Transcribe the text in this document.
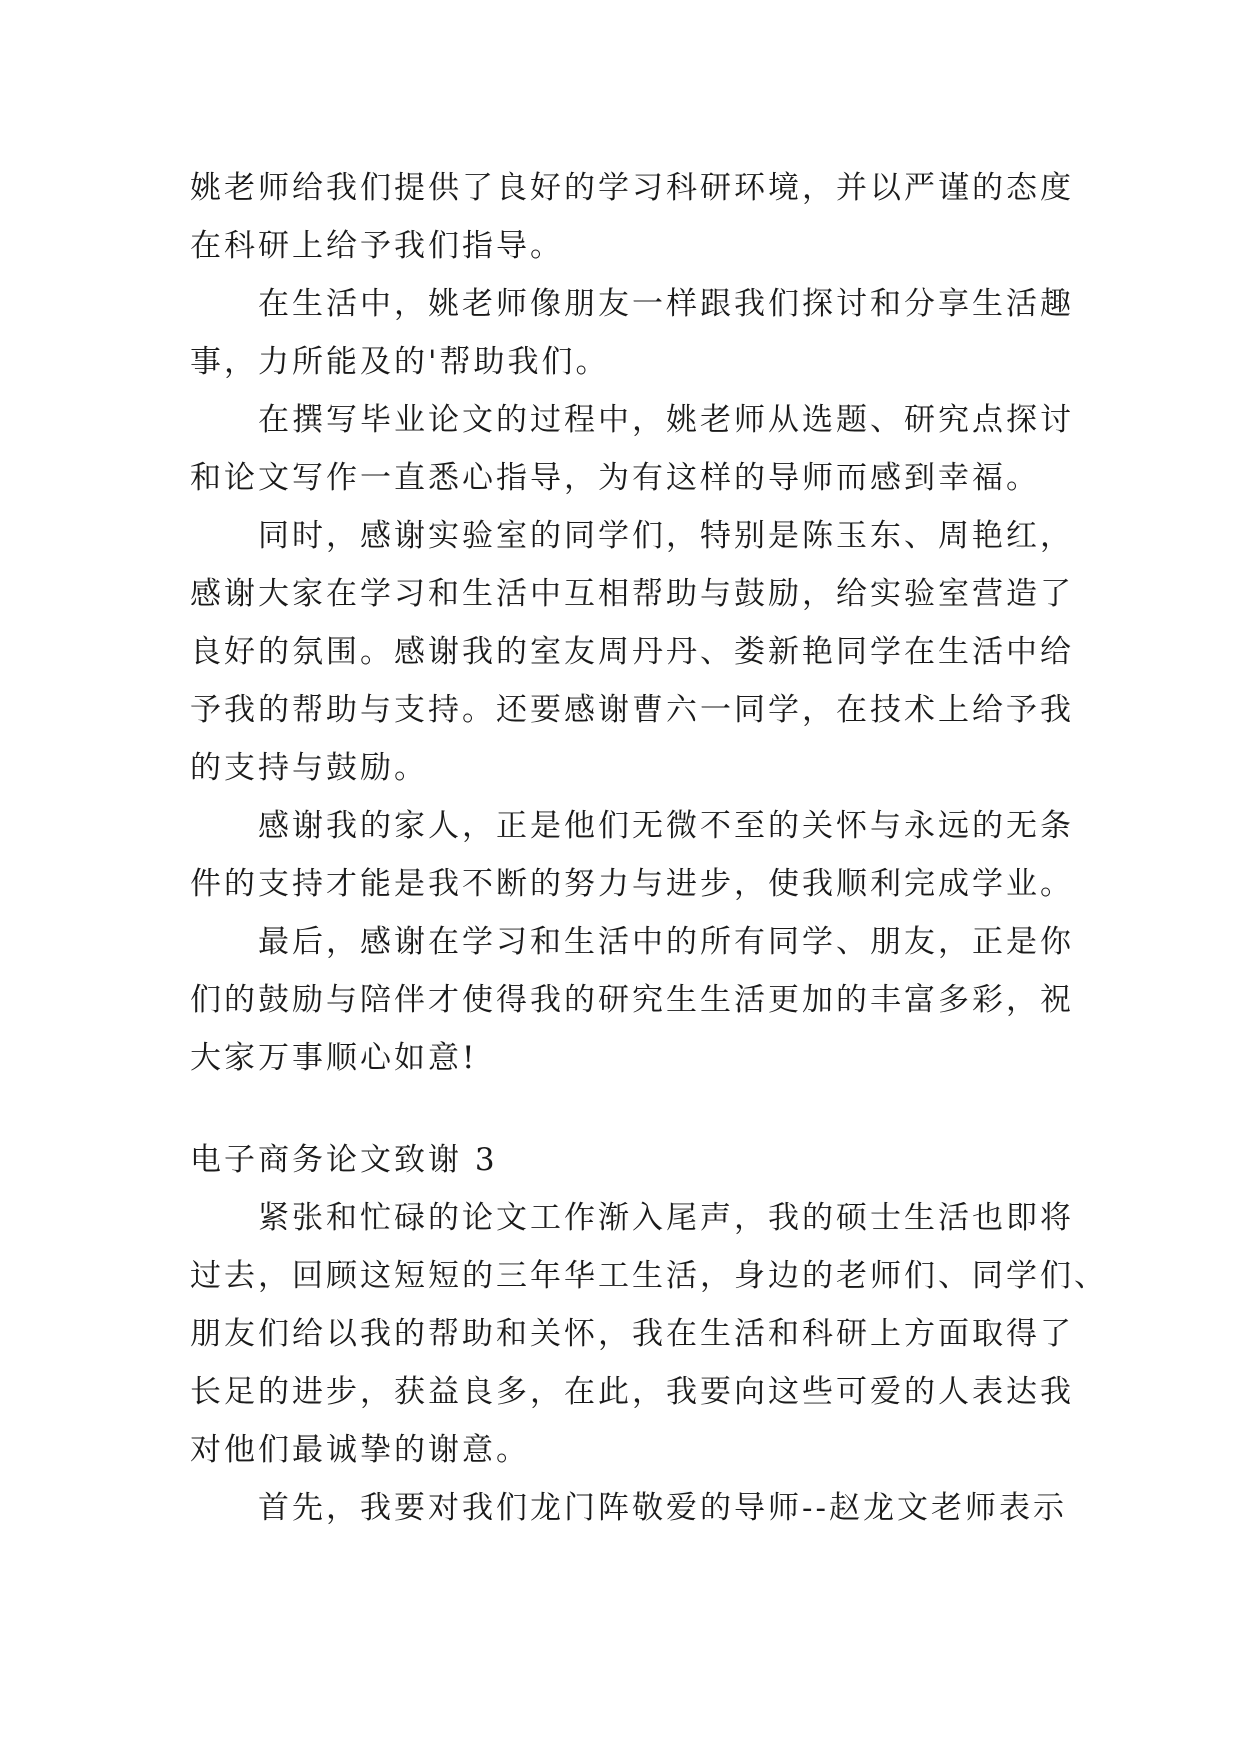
姚老师给我们提供了良好的学习科研环境，并以严谨的态度
在科研上给予我们指导。
在生活中，姚老师像朋友一样跟我们探讨和分享生活趣
事，力所能及的'帮助我们。
在撰写毕业论文的过程中，姚老师从选题、研究点探讨
和论文写作一直悉心指导，为有这样的导师而感到幸福。
同时，感谢实验室的同学们，特别是陈玉东、周艳红，
感谢大家在学习和生活中互相帮助与鼓励，给实验室营造了
良好的氛围。感谢我的室友周丹丹、娄新艳同学在生活中给
予我的帮助与支持。还要感谢曹六一同学，在技术上给予我
的支持与鼓励。
感谢我的家人，正是他们无微不至的关怀与永远的无条
件的支持才能是我不断的努力与进步，使我顺利完成学业。
最后，感谢在学习和生活中的所有同学、朋友，正是你
们的鼓励与陪伴才使得我的研究生生活更加的丰富多彩，祝
大家万事顺心如意!
电子商务论文致谢 3
紧张和忙碌的论文工作渐入尾声，我的硕士生活也即将
过去，回顾这短短的三年华工生活，身边的老师们、同学们、
朋友们给以我的帮助和关怀，我在生活和科研上方面取得了
长足的进步，获益良多，在此，我要向这些可爱的人表达我
对他们最诚挚的谢意。
首先，我要对我们龙门阵敬爱的导师--赵龙文老师表示
